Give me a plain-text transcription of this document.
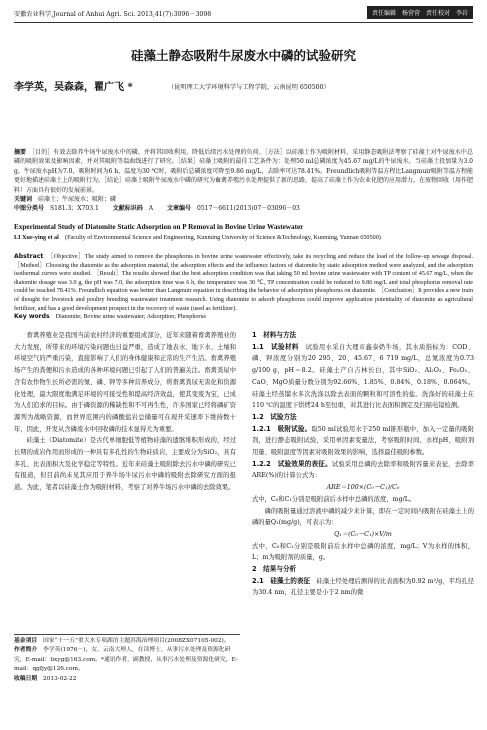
安徽农业科学,Journal of Anhui Agri. Sci. 2013,41(7):3096－3098	责任编辑　杨营营　责任校对　李岩
硅藻土静态吸附牛尿废水中磷的试验研究
李学英，吴森森，瞿广飞 *	（昆明理工大学环境科学与工程学院，云南昆明 650500）

摘要　 ［目的］有效去除养牛场牛尿废水中的磷，并将其回收利用，降低后续污水处理的负荷。［方法］以硅藻土作为吸附材料，采用静态吸附法考察了硅藻土对牛尿废水中总磷的吸附效果及影响因素，并对其吸附等温曲线进行了研究。［结果］硅藻土吸附的最佳工艺条件为：处理50 ml总磷浓度为45.67 mg/L的牛尿废水，当硅藻土投加量为3.0 g，牛尿废水pH为7.0，吸附时间为6 h，温度为30 ℃时，吸附后总磷浓度可降至9.86 mg/L，去除率可达78.41%。Freundlich吸附等温方程比Langmuir吸附等温方程能更好地描述硅藻土上的吸附行为。［结论］硅藻土吸附牛尿废水中磷的研究为畜禽养殖污水处理提供了新的思路，提高了硅藻土作为农业化肥的应用潜力，在废物回收（用作肥料）方面具有很好的发展前景。

关键词　 硅藻土；牛尿废水；吸附；磷

中图分类号　 S181.3；X703.1 　　 文献标识码　 A 　　 文章编号　 0517－6611(2013)07－03096－03

Experimental Study of Diatomite Static Adsorption on P Removal in Bovine Urine Wastewater
LI Xue-ying et al　 (Faculty of Environmental Science and Engineering, Kunming University of Science &Technology, Kunming, Yunnan 650500)

Abstract　 ［Objective］The study aimed to remove the phosphorus in bovine urine wastewater effectively, take its recycling and reduce the load of the follow-up sewage disposal. ［Method］Choosing the diatomite as the adsorption material, the adsorption effects and the influence factors of diatomite by static adsorption method were analyzed, and the adsorption isothermal curves were studied. ［Result］The results showed that the best adsorption condition was that taking 50 ml bovine urine wastewater with TP content of 45.67 mg/L, when the diatomite dosage was 3.0 g, the pH was 7.0, the adsorption time was 6 h, the temperature was 30 ℃, TP concentration could be reduced to 9.86 mg/L and total phosphorus removal rate could be reached 78.41%. Freundlich equation was better than Langmuir equation in describing the behavior of adsorption phosphorus on diatomite. ［Conclusion］It provides a new train of thought for livestock and poultry breeding wastewater treatment research. Using diatomite to adsorb phosphorus could improve application potentiality of diatomite as agricultural fertilizer, and has a good development prospect in the recovery of waste (used as fertilizer).

Key words　 Diatomite; Bovine urine wastewater; Adsorption; Phosphorus

畜禽养殖业是我国当前农村经济的重要组成部分，近年来随着畜禽养殖业的大力发展，所带来的环境污染问题也日益严重，造成了地表水、地下水、土壤和环境空气的严重污染，直接影响了人们的身体健康和正常的生产生活。畜禽养殖场产生的粪便和污水造成的各种环境问题已引起了人们的普遍关注。畜禽粪尿中含有农作物生长所必需的氮、磷、钾等多种营养成分，将畜禽粪尿无害化和资源化处理，最大限度地满足环境的可接受性和提高经济效益，使其变废为宝，已成为人们追求的目标。由于磷资源的稀缺性和不可再生性，许多国家已经将磷矿资源列为战略资源，而世界范围内的磷酸盐岩总储量可在现开采速率下维持数十年，因此，开发从含磷废水中回收磷的技术显得尤为重要。

硅藻土（Diatomite）是古代单细胞低等植物硅藻的遗骸堆积形成的，经过长期的成岩作用而形成的一种具有多孔性的生物硅质岩，主要成分为SiO₂，具有多孔、比表面积大及化学稳定等特性。近年来硅藻土吸附除去污水中磷的研究已有报道，但目前尚未见其应用于养牛场牛尿污水中磷的吸附去除研究方面的报道。为此，笔者以硅藻土作为吸附材料，考察了对养牛场污水中磷的去除效果。

1　材料与方法

1.1　试验材料　 试验用水采自大理市鑫泰奶牛场，其水质指标为：COD、磷、钾浓度分别为20 295、20、45.67、6 719 mg/L，总氮浓度为0.73 g/100 g，pH＝8.2。硅藻土产自吉林长白，其中SiO₂、Al₂O₃、Fe₂O₃、CaO、MgO质量分数分别为92.66%、1.85%、0.84%、0.18%、0.064%。硅藻土经蒸馏水多次洗涤以除去表面的颗粒和可溶性的盐。洗涤好的硅藻土在110 ℃的温度下烘烤24 h至恒重，对其进行比表面积测定及扫描电镜检测。

1.2　试验方法

1.2.1　吸附试验。取50 ml试验用水于250 ml锥形瓶中，加入一定量的吸附剂，进行静态吸附试验，采用单因素变量法，考察吸附时间、水样pH、吸附剂用量、吸附温度等因素对吸附效果的影响，选择最佳吸附参数。

1.2.2　试验效果的表征。试验采用总磷的去除率和吸附容量来表征，去除率ARE(%)的计算公式为：

ARE＝100×(C₀－C₁)/C₀

式中，C₀和C₁分别是吸附前后水样中总磷的浓度，mg/L。

磷的吸附量通过溶液中磷的减少来计算，即在一定时间内吸附在硅藻土上的磷的量Q₁(mg/g)，可表示为：

Q₁＝(C₀－C₁)×V/m

式中，C₀和C₁分别是吸附前后水样中总磷的浓度，mg/L；V为水样的体积，L；m为吸附剂的质量，g。

2　结果与分析

2.1　硅藻土的表征　 硅藻土经处理后测得的比表面积为0.92 m²/g，平均孔径为30.4 nm，孔径主要是小于2 nm的微

基金项目　 国家“十一五”重大水专项湖泊主题洱海治理项目(2008ZX07105-002)。

作者简介　 李学英(1976－)，女，云南大理人，在读博士，从事污水处理及资源化研究，E-mail：lixyg@163.com。*通讯作者，副教授，从事污水处理及资源化研究，E-mail：qgfjy@126.com。

收稿日期　 2013-02-22
